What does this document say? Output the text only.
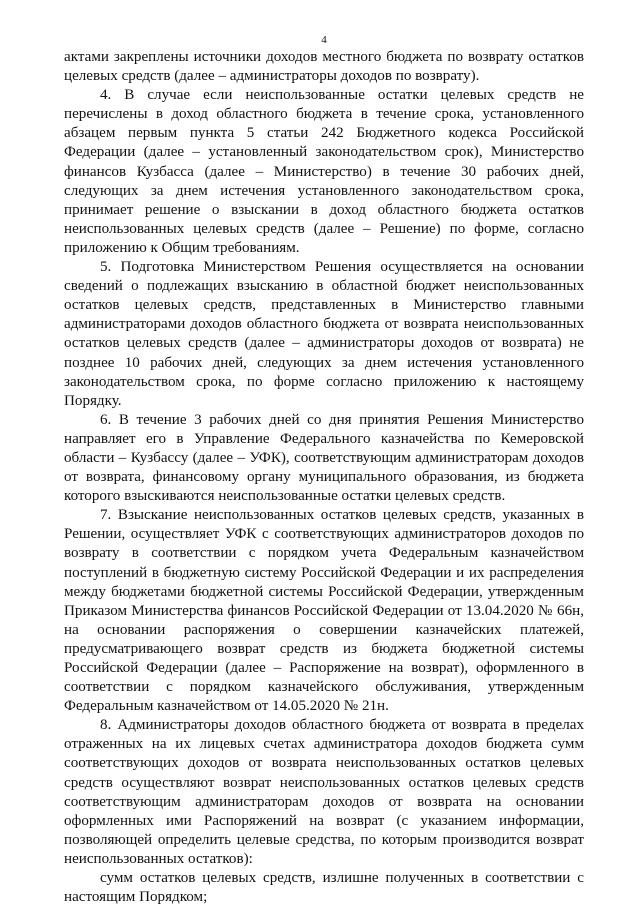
4

актами закреплены источники доходов местного бюджета по возврату остатков целевых средств (далее – администраторы доходов по возврату).

4. В случае если неиспользованные остатки целевых средств не перечислены в доход областного бюджета в течение срока, установленного абзацем первым пункта 5 статьи 242 Бюджетного кодекса Российской Федерации (далее – установленный законодательством срок), Министерство финансов Кузбасса (далее – Министерство) в течение 30 рабочих дней, следующих за днем истечения установленного законодательством срока, принимает решение о взыскании в доход областного бюджета остатков неиспользованных целевых средств (далее – Решение) по форме, согласно приложению к Общим требованиям.

5. Подготовка Министерством Решения осуществляется на основании сведений о подлежащих взысканию в областной бюджет неиспользованных остатков целевых средств, представленных в Министерство главными администраторами доходов областного бюджета от возврата неиспользованных остатков целевых средств (далее – администраторы доходов от возврата) не позднее 10 рабочих дней, следующих за днем истечения установленного законодательством срока, по форме согласно приложению к настоящему Порядку.

6. В течение 3 рабочих дней со дня принятия Решения Министерство направляет его в Управление Федерального казначейства по Кемеровской области – Кузбассу (далее – УФК), соответствующим администраторам доходов от возврата, финансовому органу муниципального образования, из бюджета которого взыскиваются неиспользованные остатки целевых средств.

7. Взыскание неиспользованных остатков целевых средств, указанных в Решении, осуществляет УФК с соответствующих администраторов доходов по возврату в соответствии с порядком учета Федеральным казначейством поступлений в бюджетную систему Российской Федерации и их распределения между бюджетами бюджетной системы Российской Федерации, утвержденным Приказом Министерства финансов Российской Федерации от 13.04.2020 № 66н, на основании распоряжения о совершении казначейских платежей, предусматривающего возврат средств из бюджета бюджетной системы Российской Федерации (далее – Распоряжение на возврат), оформленного в соответствии с порядком казначейского обслуживания, утвержденным Федеральным казначейством от 14.05.2020 № 21н.

8. Администраторы доходов областного бюджета от возврата в пределах отраженных на их лицевых счетах администратора доходов бюджета сумм соответствующих доходов от возврата неиспользованных остатков целевых средств осуществляют возврат неиспользованных остатков целевых средств соответствующим администраторам доходов от возврата на основании оформленных ими Распоряжений на возврат (с указанием информации, позволяющей определить целевые средства, по которым производится возврат неиспользованных остатков):

сумм остатков целевых средств, излишне полученных в соответствии с настоящим Порядком;
